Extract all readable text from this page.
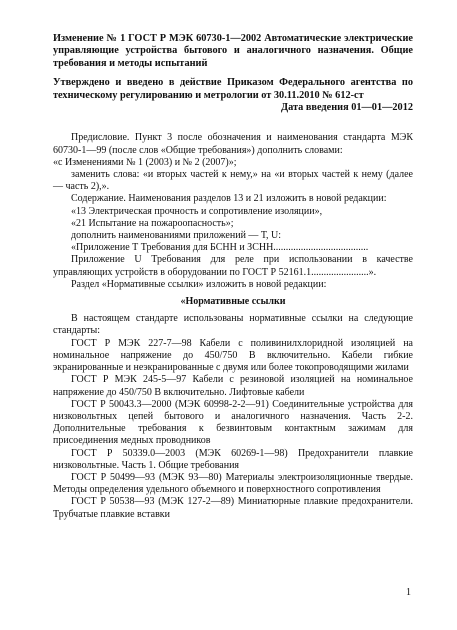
Изменение № 1 ГОСТ Р МЭК 60730-1—2002 Автоматические электрические управляющие устройства бытового и аналогичного назначения. Общие требования и методы испытаний

Утверждено и введено в действие Приказом Федерального агентства по техническому регулированию и метрологии от 30.11.2010 № 612-ст

Дата введения 01—01—2012

Предисловие. Пункт 3 после обозначения и наименования стандарта МЭК 60730-1—99 (после слов «Общие требования») дополнить словами:

«с Изменениями № 1 (2003) и № 2 (2007)»;

заменить слова: «и вторых частей к нему,» на «и вторых частей к нему (далее — часть 2),».

Содержание. Наименования разделов 13 и 21 изложить в новой редакции:

«13 Электрическая прочность и сопротивление изоляции»,

«21 Испытание на пожароопасность»;

дополнить наименованиями приложений — Т, U:

«Приложение Т Требования для БСНН и ЗСНН......................................

Приложение U Требования для реле при использовании в качестве управляющих устройств в оборудовании по ГОСТ Р 52161.1.......................».

Раздел «Нормативные ссылки» изложить в новой редакции:

«Нормативные ссылки

В настоящем стандарте использованы нормативные ссылки на следующие стандарты:

ГОСТ Р МЭК 227-7—98 Кабели с поливинилхлоридной изоляцией на номинальное напряжение до 450/750 В включительно. Кабели гибкие экранированные и неэкранированные с двумя или более токопроводящими жилами

ГОСТ Р МЭК 245-5—97 Кабели с резиновой изоляцией на номинальное напряжение до 450/750 В включительно. Лифтовые кабели

ГОСТ Р 50043.3—2000 (МЭК 60998-2-2—91) Соединительные устройства для низковольтных цепей бытового и аналогичного назначения. Часть 2-2. Дополнительные требования к безвинтовым контактным зажимам для присоединения медных проводников

ГОСТ Р 50339.0—2003 (МЭК 60269-1—98) Предохранители плавкие низковольтные. Часть 1. Общие требования

ГОСТ Р 50499—93 (МЭК 93—80) Материалы электроизоляционные твердые. Методы определения удельного объемного и поверхностного сопротивления

ГОСТ Р 50538—93 (МЭК 127-2—89) Миниатюрные плавкие предохранители. Трубчатые плавкие вставки

1
